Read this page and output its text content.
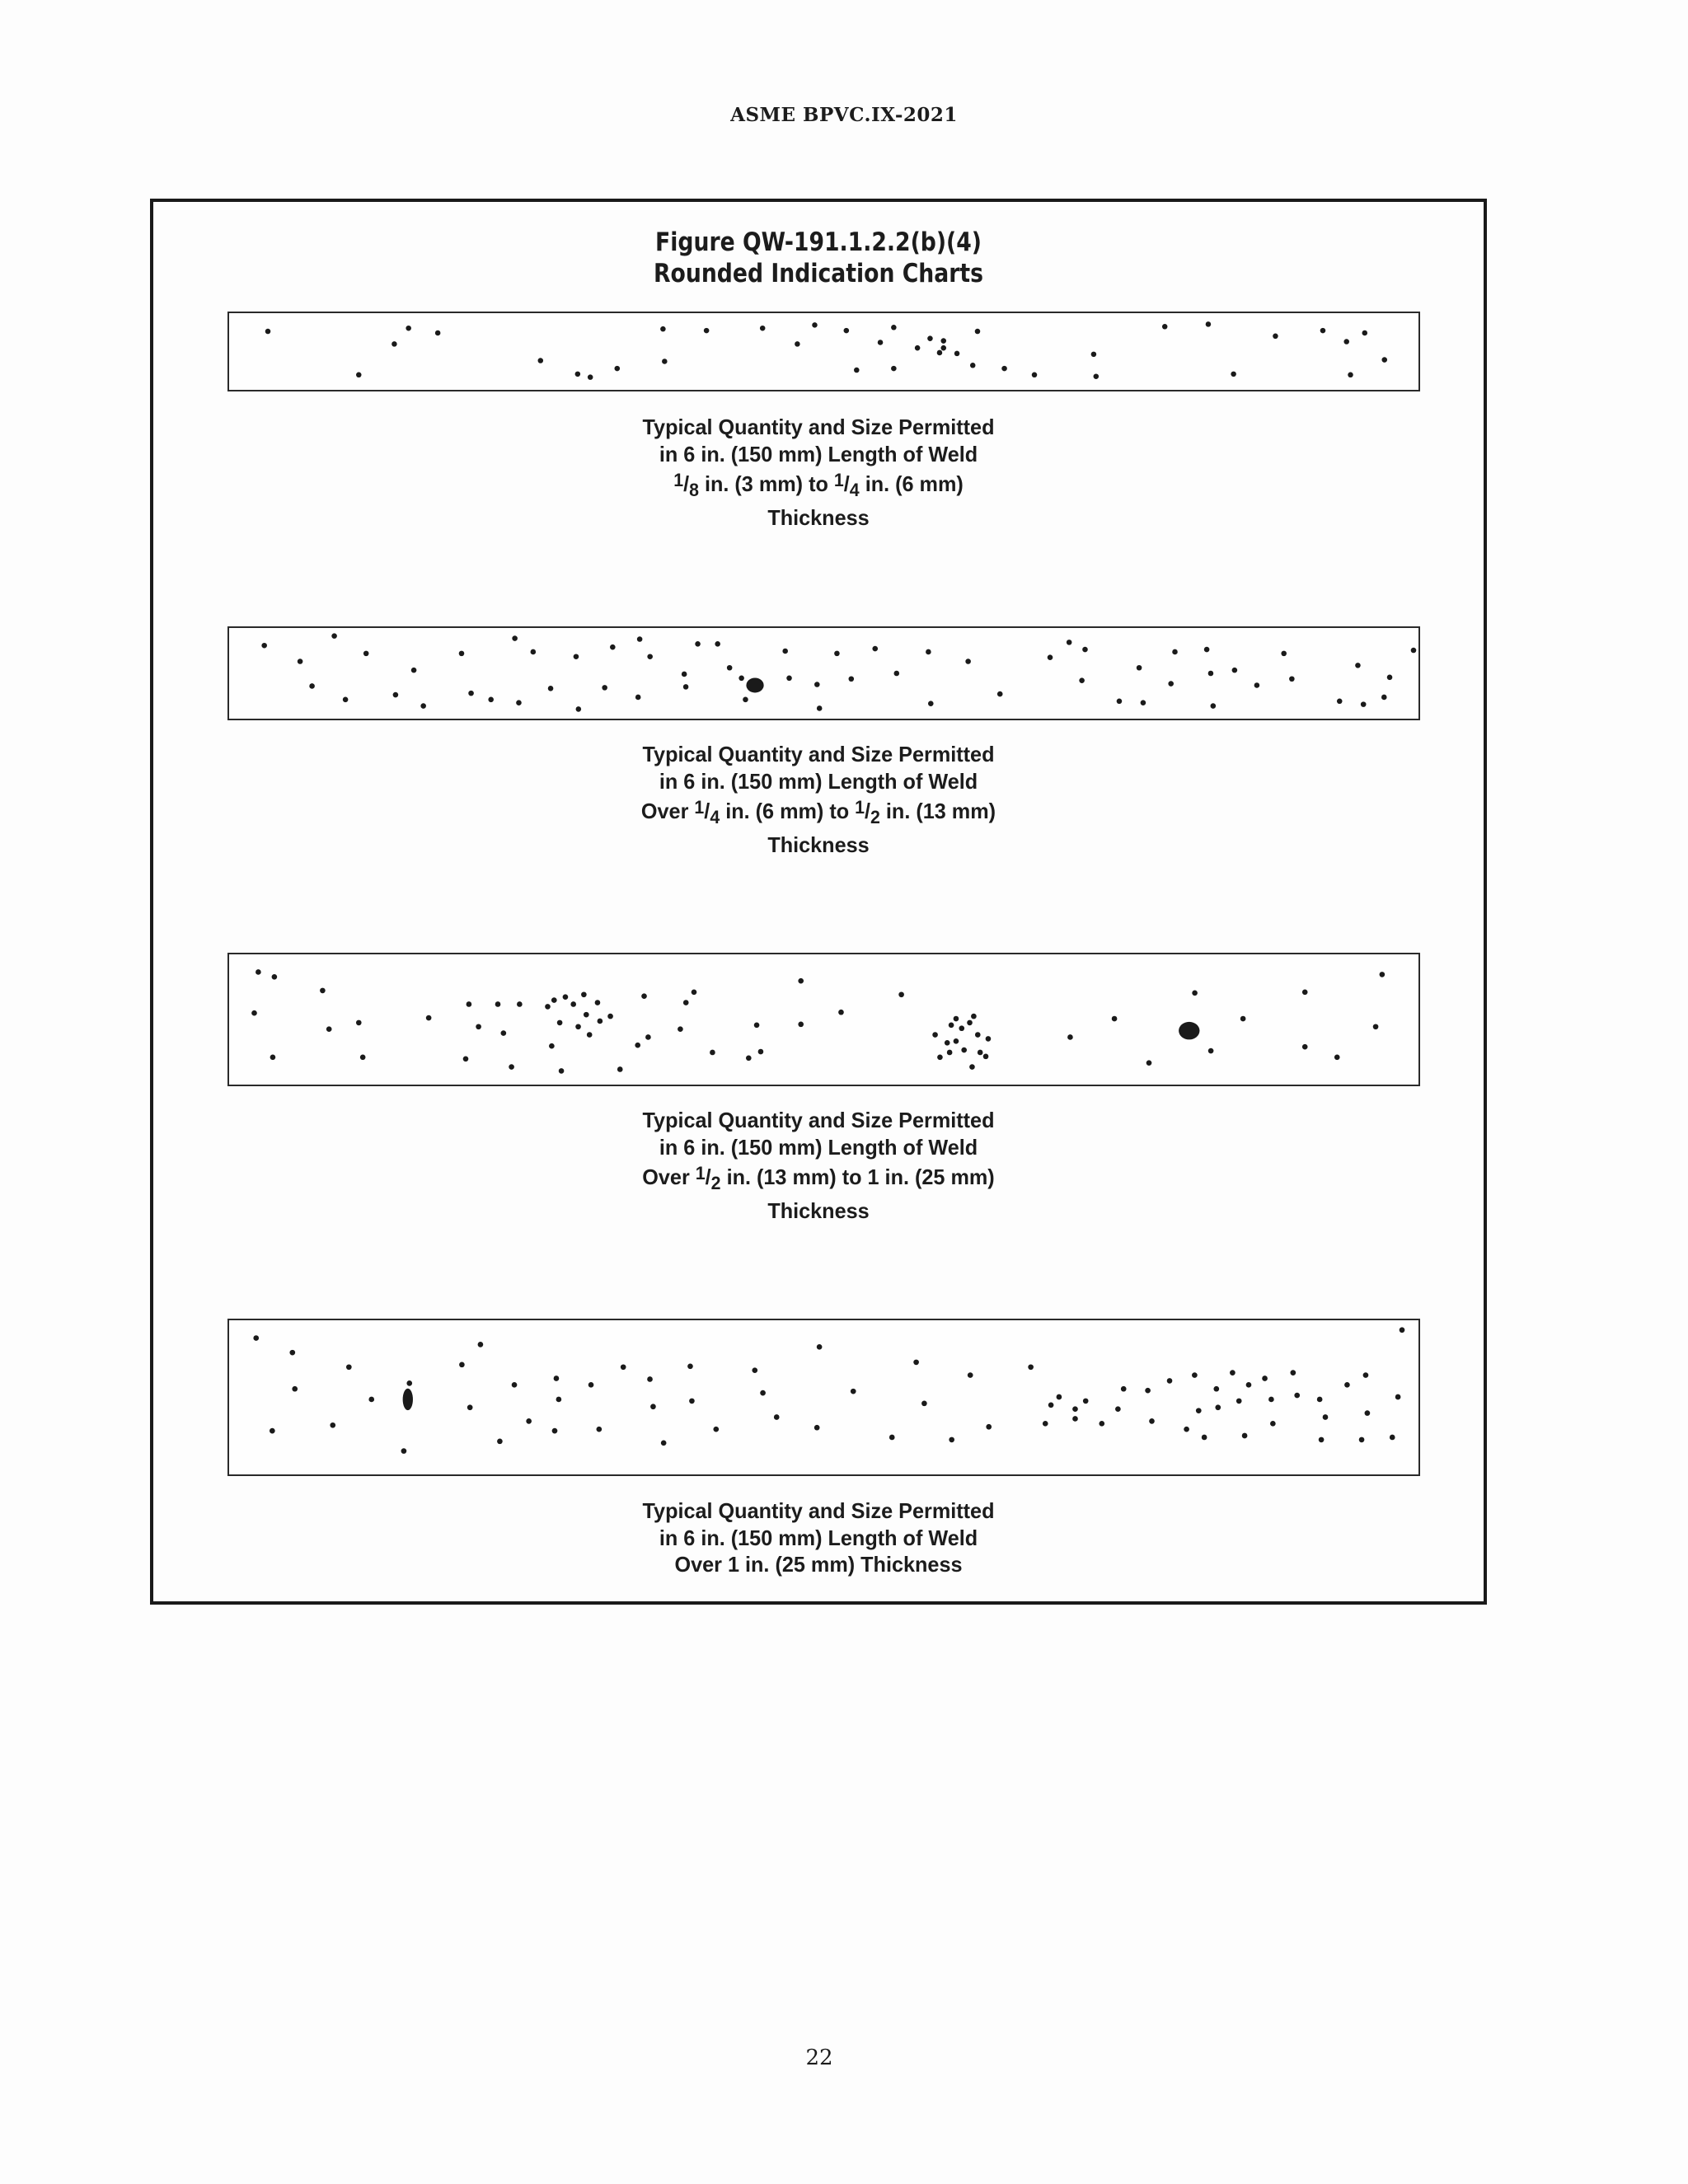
ASME BPVC.IX-2021
Figure QW-191.1.2.2(b)(4)
Rounded Indication Charts
Typical Quantity and Size Permitted
in 6 in. (150 mm) Length of Weld
$^1/_8$ in. (3 mm) to $^1/_4$ in. (6 mm)
Thickness
Typical Quantity and Size Permitted
in 6 in. (150 mm) Length of Weld
Over $^1/_4$ in. (6 mm) to $^1/_2$ in. (13 mm)
Thickness
Typical Quantity and Size Permitted
in 6 in. (150 mm) Length of Weld
Over $^1/_2$ in. (13 mm) to 1 in. (25 mm)
Thickness
Typical Quantity and Size Permitted
in 6 in. (150 mm) Length of Weld
Over 1 in. (25 mm) Thickness
22
